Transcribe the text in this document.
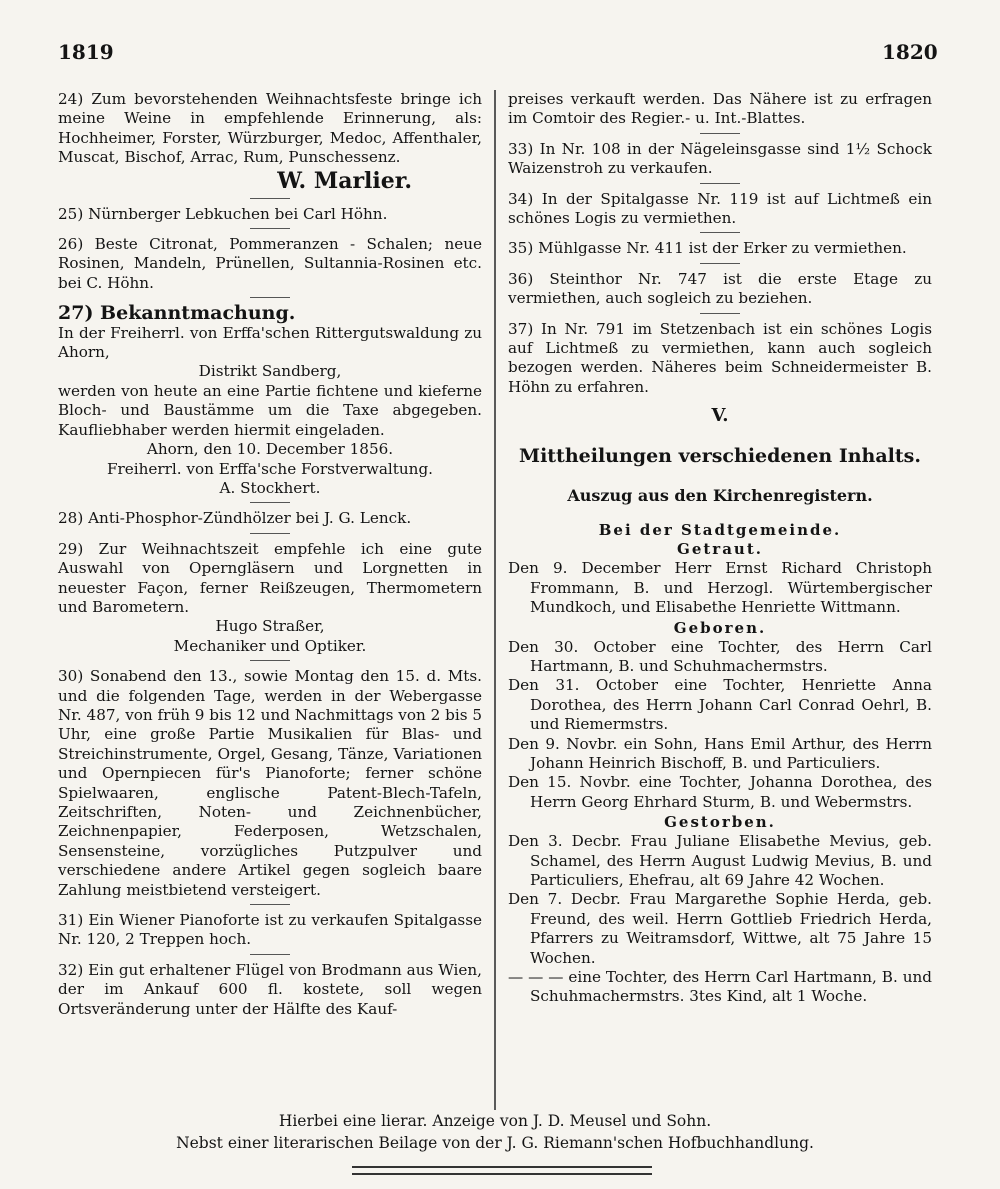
1819	1820

24) Zum bevorstehenden Weihnachtsfeste bringe ich meine Weine in empfehlende Erinnerung, als: Hochheimer, Forster, Würzburger, Medoc, Affenthaler, Muscat, Bischof, Arrac, Rum, Punschessenz.

W. Marlier.

25) Nürnberger Lebkuchen bei Carl Höhn.

26) Beste Citronat, Pommeranzen - Schalen; neue Rosinen, Mandeln, Prünellen, Sultannia-Rosinen etc. bei C. Höhn.

27) Bekanntmachung.

In der Freiherrl. von Erffa'schen Rittergutswaldung zu Ahorn,

Distrikt Sandberg,

werden von heute an eine Partie fichtene und kieferne Bloch- und Baustämme um die Taxe abgegeben. Kaufliebhaber werden hiermit eingeladen.

Ahorn, den 10. December 1856.

Freiherrl. von Erffa'sche Forstverwaltung.

A. Stockhert.

28) Anti-Phosphor-Zündhölzer bei J. G. Lenck.

29) Zur Weihnachtszeit empfehle ich eine gute Auswahl von Operngläsern und Lorgnetten in neuester Façon, ferner Reißzeugen, Thermometern und Barometern.

Hugo Straßer,

Mechaniker und Optiker.

30) Sonabend den 13., sowie Montag den 15. d. Mts. und die folgenden Tage, werden in der Webergasse Nr. 487, von früh 9 bis 12 und Nachmittags von 2 bis 5 Uhr, eine große Partie Musikalien für Blas- und Streichinstrumente, Orgel, Gesang, Tänze, Variationen und Opernpiecen für's Pianoforte; ferner schöne Spielwaaren, englische Patent-Blech-Tafeln, Zeitschriften, Noten- und Zeichnenbücher, Zeichnenpapier, Federposen, Wetzschalen, Sensensteine, vorzügliches Putzpulver und verschiedene andere Artikel gegen sogleich baare Zahlung meistbietend versteigert.

31) Ein Wiener Pianoforte ist zu verkaufen Spitalgasse Nr. 120, 2 Treppen hoch.

32) Ein gut erhaltener Flügel von Brodmann aus Wien, der im Ankauf 600 fl. kostete, soll wegen Ortsveränderung unter der Hälfte des Kauf-

preises verkauft werden. Das Nähere ist zu erfragen im Comtoir des Regier.- u. Int.-Blattes.

33) In Nr. 108 in der Nägeleinsgasse sind 1½ Schock Waizenstroh zu verkaufen.

34) In der Spitalgasse Nr. 119 ist auf Lichtmeß ein schönes Logis zu vermiethen.

35) Mühlgasse Nr. 411 ist der Erker zu vermiethen.

36) Steinthor Nr. 747 ist die erste Etage zu vermiethen, auch sogleich zu beziehen.

37) In Nr. 791 im Stetzenbach ist ein schönes Logis auf Lichtmeß zu vermiethen, kann auch sogleich bezogen werden. Näheres beim Schneidermeister B. Höhn zu erfahren.

V.

Mittheilungen verschiedenen Inhalts.

Auszug aus den Kirchenregistern.

Bei der Stadtgemeinde.

Getraut.

Den 9. December Herr Ernst Richard Christoph Frommann, B. und Herzogl. Würtembergischer Mundkoch, und Elisabethe Henriette Wittmann.

Geboren.

Den 30. October eine Tochter, des Herrn Carl Hartmann, B. und Schuhmachermstrs.

Den 31. October eine Tochter, Henriette Anna Dorothea, des Herrn Johann Carl Conrad Oehrl, B. und Riemermstrs.

Den 9. Novbr. ein Sohn, Hans Emil Arthur, des Herrn Johann Heinrich Bischoff, B. und Particuliers.

Den 15. Novbr. eine Tochter, Johanna Dorothea, des Herrn Georg Ehrhard Sturm, B. und Webermstrs.

Gestorben.

Den 3. Decbr. Frau Juliane Elisabethe Mevius, geb. Schamel, des Herrn August Ludwig Mevius, B. und Particuliers, Ehefrau, alt 69 Jahre 42 Wochen.

Den 7. Decbr. Frau Margarethe Sophie Herda, geb. Freund, des weil. Herrn Gottlieb Friedrich Herda, Pfarrers zu Weitramsdorf, Wittwe, alt 75 Jahre 15 Wochen.

— — — eine Tochter, des Herrn Carl Hartmann, B. und Schuhmachermstrs. 3tes Kind, alt 1 Woche.

Hierbei eine lierar. Anzeige von J. D. Meusel und Sohn.
Nebst einer literarischen Beilage von der J. G. Riemann'schen Hofbuchhandlung.
